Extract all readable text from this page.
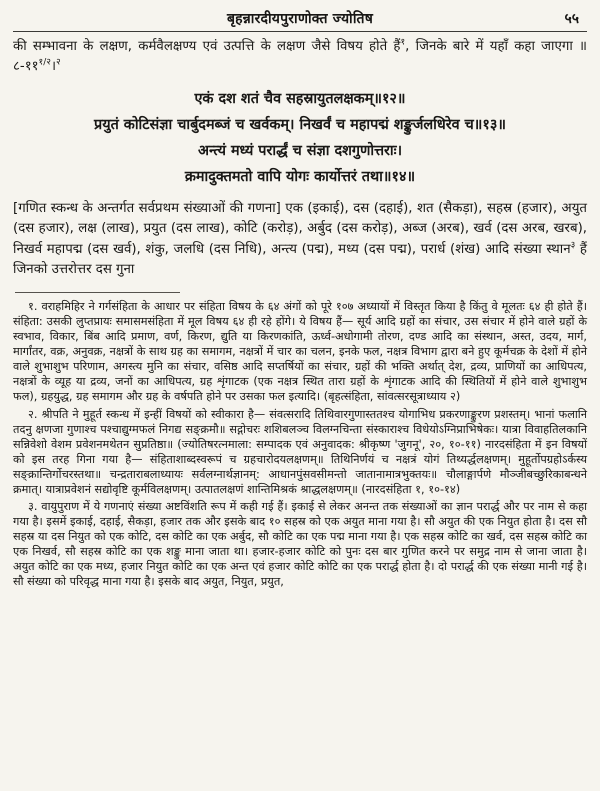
बृहन्नारदीयपुराणोक्त ज्योतिष	५५

की सम्भावना के लक्षण, कर्मवैलक्षण्य एवं उत्पत्ति के लक्षण जैसे विषय होते हैं$^१$, जिनके बारे में यहाँ कहा जाएगा ॥ $८-११^{१/२}।^२$

एकं दश शतं चैव सहस्रायुतलक्षकम्॥१२॥
प्रयुतं कोटिसंज्ञा चार्बुदमब्जं च खर्वकम्। निखर्वं च महापद्मं शङ्कुर्जलधिरेव च॥१३॥
अन्त्यं मध्यं परार्द्धं च संज्ञा दशगुणोत्तराः।
क्रमादुक्तमतो वापि योगः कार्योत्तरं तथा॥१४॥

[गणित स्कन्ध के अन्तर्गत सर्वप्रथम संख्याओं की गणना] एक (इकाई), दस (दहाई), शत (सैकड़ा), सहस्र (हजार), अयुत (दस हजार), लक्ष (लाख), प्रयुत (दस लाख), कोटि (करोड़), अर्बुद (दस करोड़), अब्ज (अरब), खर्व (दस अरब, खरब), निखर्व महापद्म (दस खर्व), शंकु, जलधि (दस निधि), अन्त्य (पद्म), मध्य (दस पद्म), परार्ध (शंख) आदि संख्या स्थान$^३$ हैं जिनको उत्तरोत्तर दस गुना

१. वराहमिहिर ने गर्गसंहिता के आधार पर संहिता विषय के ६४ अंगों को पूरे १०७ अध्यायों में विस्तृत किया है किंतु वे मूलतः ६४ ही होते हैं। संहिता: उसकी लुप्तप्रायः समासमसंहिता में मूल विषय ६४ ही रहे होंगे। ये विषय हैं— सूर्य आदि ग्रहों का संचार, उस संचार में होने वाले ग्रहों के स्वभाव, विकार, बिंब आदि प्रमाण, वर्ण, किरण, द्युति या किरणकांति, ऊर्ध्व-अधोगामी तोरण, दण्ड आदि का संस्थान, अस्त, उदय, मार्ग, मार्गांतर, वक्र, अनुवक्र, नक्षत्रों के साथ ग्रह का समागम, नक्षत्रों में चार का चलन, इनके फल, नक्षत्र विभाग द्वारा बने हुए कूर्मचक्र के देशों में होने वाले शुभाशुभ परिणाम, अगस्त्य मुनि का संचार, वसिष्ठ आदि सप्तर्षियों का संचार, ग्रहों की भक्ति अर्थात् देश, द्रव्य, प्राणियों का आधिपत्य, नक्षत्रों के व्यूह या द्रव्य, जनों का आधिपत्य, ग्रह शृंगाटक (एक नक्षत्र स्थित तारा ग्रहों के शृंगाटक आदि की स्थितियों में होने वाले शुभाशुभ फल), ग्रहयुद्ध, ग्रह समागम और ग्रह के वर्षपति होने पर उसका फल इत्यादि। (बृहत्संहिता, सांवत्सरसूत्राध्याय २)

२. श्रीपति ने मुहूर्त स्कन्ध में इन्हीं विषयों को स्वीकारा है— संवत्सरादि तिथिवारगुणास्ततश्च योगाभिध प्रकरणाङ्कुरण प्रशस्तम्। भानां फलानि तदनु क्षणजा गुणाश्च पश्चाद्युग्मफलं निगद्य सङ्क्रमौ॥ सद्गोचरः शशिबलञ्च विलग्नचिन्ता संस्काराश्च विधेयोऽग्निप्राभिषेकः। यात्रा विवाहतिलकानि सन्निवेशो वेशम प्रवेशनमथेतन सुप्रतिष्ठा॥ (ज्योतिषरत्नमाला: सम्पादक एवं अनुवादक: श्रीकृष्ण 'जुगनू', २०, १०-११) नारदसंहिता में इन विषयों को इस तरह गिना गया है— संहिताशाब्दस्वरूपं च ग्रहचारोदयलक्षणम्॥ तिथिनिर्णयं च नक्षत्रं योगं तिथ्यर्द्धलक्षणम्। मुहूर्तोपग्रहोऽर्कस्य सङ्क्रान्तिर्गोचरस्तथा॥ चन्द्रताराबलाध्यायः सर्वलग्नार्थज्ञानम्: आधानपुंसवसीमन्तो जातानामात्रभुक्तयः॥ चौलाङ्गार्पणे मौञ्जीबच्छुरिकाबन्धने क्रमात्। यात्राप्रवेशनं सद्योवृष्टि कूर्मविलक्षणम्। उत्पातलक्षणं शान्तिमिश्रकं श्राद्धलक्षणम्॥ (नारदसंहिता १, १०-१४)

३. वायुपुराण में ये गणनाएं संख्या अष्टविंशति रूप में कही गई हैं। इकाई से लेकर अनन्त तक संख्याओं का ज्ञान परार्द्ध और पर नाम से कहा गया है। इसमें इकाई, दहाई, सैकड़ा, हजार तक और इसके बाद १० सहस्र को एक अयुत माना गया है। सौ अयुत की एक नियुत होता है। दस सौ सहस्र या दस नियुत को एक कोटि, दस कोटि का एक अर्बुद, सौ कोटि का एक पद्म माना गया है। एक सहस्र कोटि का खर्व, दस सहस्र कोटि का एक निखर्व, सौ सहस्र कोटि का एक शङ्कु माना जाता था। हजार-हजार कोटि को पुनः दस बार गुणित करने पर समुद्र नाम से जाना जाता है। अयुत कोटि का एक मध्य, हजार नियुत कोटि का एक अन्त एवं हजार कोटि कोटि का एक परार्द्ध होता है। दो परार्द्ध की एक संख्या मानी गई है। सौ संख्या को परिवृद्ध माना गया है। इसके बाद अयुत, नियुत, प्रयुत,
